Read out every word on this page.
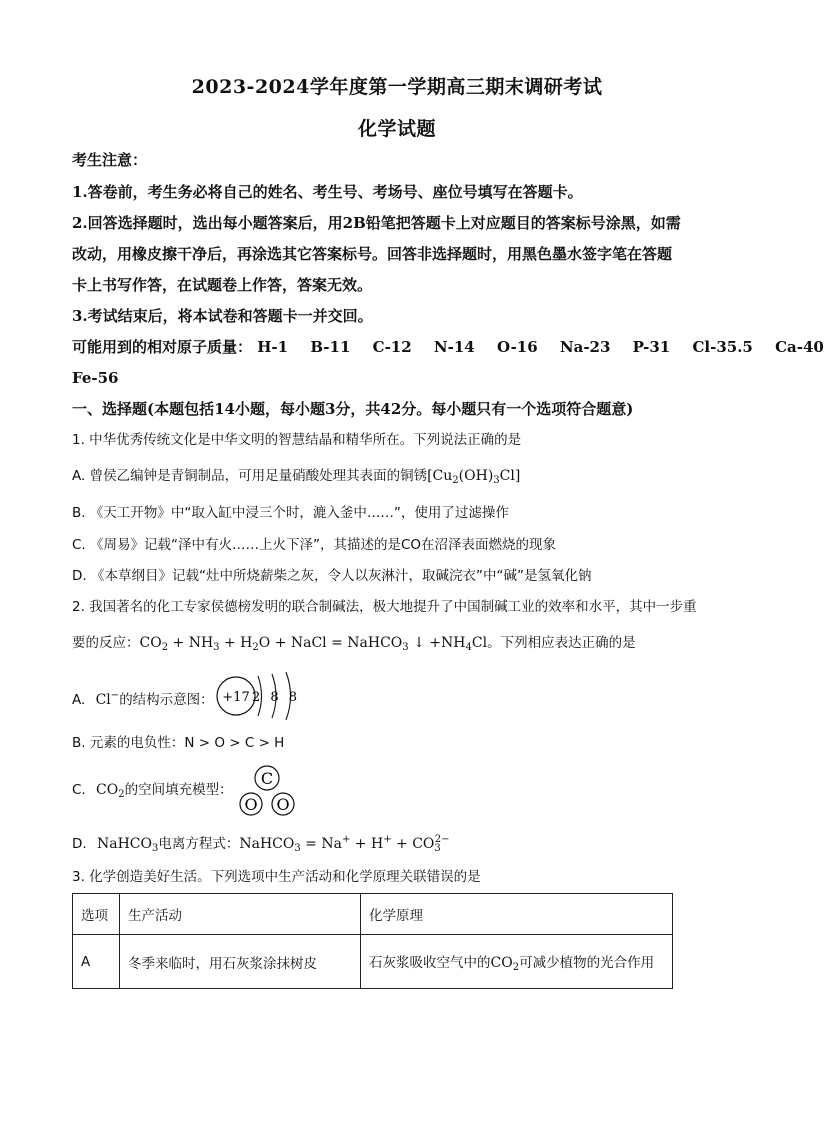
2023-2024学年度第一学期高三期末调研考试
化学试题
考生注意：
1.答卷前，考生务必将自己的姓名、考生号、考场号、座位号填写在答题卡。
2.回答选择题时，选出每小题答案后，用2B铅笔把答题卡上对应题目的答案标号涂黑，如需
改动，用橡皮擦干净后，再涂选其它答案标号。回答非选择题时，用黑色墨水签字笔在答题
卡上书写作答，在试题卷上作答，答案无效。
3.考试结束后，将本试卷和答题卡一并交回。
可能用到的相对原子质量： H-1 B-11 C-12 N-14 O-16 Na-23 P-31 Cl-35.5 Ca-40
Fe-56
一、选择题(本题包括14小题，每小题3分，共42分。每小题只有一个选项符合题意)
1. 中华优秀传统文化是中华文明的智慧结晶和精华所在。下列说法正确的是
A. 曾侯乙编钟是青铜制品，可用足量硝酸处理其表面的铜锈$[Cu_2(OH)_3Cl]$
B. 《天工开物》中“取入缸中浸三个时，漉入釜中……”，使用了过滤操作
C. 《周易》记载“泽中有火……上火下泽”，其描述的是CO在沼泽表面燃烧的现象
D. 《本草纲目》记载“灶中所烧薪柴之灰，令人以灰淋汁，取碱浣衣”中“碱”是氢氧化钠
2. 我国著名的化工专家侯德榜发明的联合制碱法，极大地提升了中国制碱工业的效率和水平，其中一步重
要的反应：$CO_2 + NH_3 + H_2O$ + NaCl = NaHCO$_3$ ↓ $+NH_4Cl$。下列相应表达正确的是
A. Cl−的结构示意图： +17 2 8 8
B. 元素的电负性：N > O > C > H
C. $CO_2$的空间填充模型：
C
O O
D. NaHCO$_3$电离方程式：NaHCO$_3$ = $Na^+ + H^+ + CO_3^{2-}$
3. 化学创造美好生活。下列选项中生产活动和化学原理关联错误的是
选项	生产活动	化学原理
A	冬季来临时，用石灰浆涂抹树皮	石灰浆吸收空气中的$CO_2$可减少植物的光合作用
